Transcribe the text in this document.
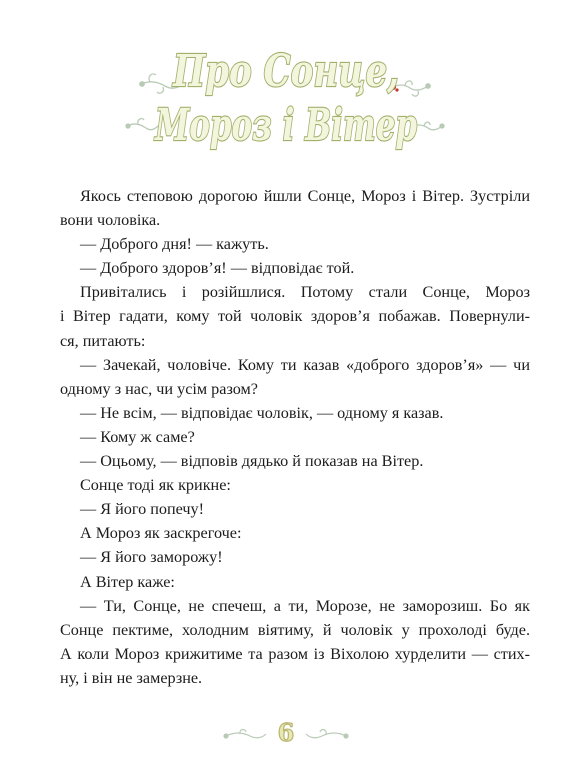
Про Сонце,
Мороз і Вітер
Якось степовою дорогою йшли Сонце, Мороз і Вітер. Зустріли
вони чоловіка.
— Доброго дня! — кажуть.
— Доброго здоров’я! — відповідає той.
Привітались і розійшлися. Потому стали Сонце, Мороз
і Вітер гадати, кому той чоловік здоров’я побажав. Повернули-
ся, питають:
— Зачекай, чоловіче. Кому ти казав «доброго здоров’я» — чи
одному з нас, чи усім разом?
— Не всім, — відповідає чоловік, — одному я казав.
— Кому ж саме?
— Оцьому, — відповів дядько й показав на Вітер.
Сонце тоді як крикне:
— Я його попечу!
А Мороз як заскрегоче:
— Я його заморожу!
А Вітер каже:
— Ти, Сонце, не спечеш, а ти, Морозе, не заморозиш. Бо як
Сонце пектиме, холодним віятиму, й чоловік у прохолоді буде.
А коли Мороз крижитиме та разом із Віхолою хурделити — стих-
ну, і він не замерзне.
6
